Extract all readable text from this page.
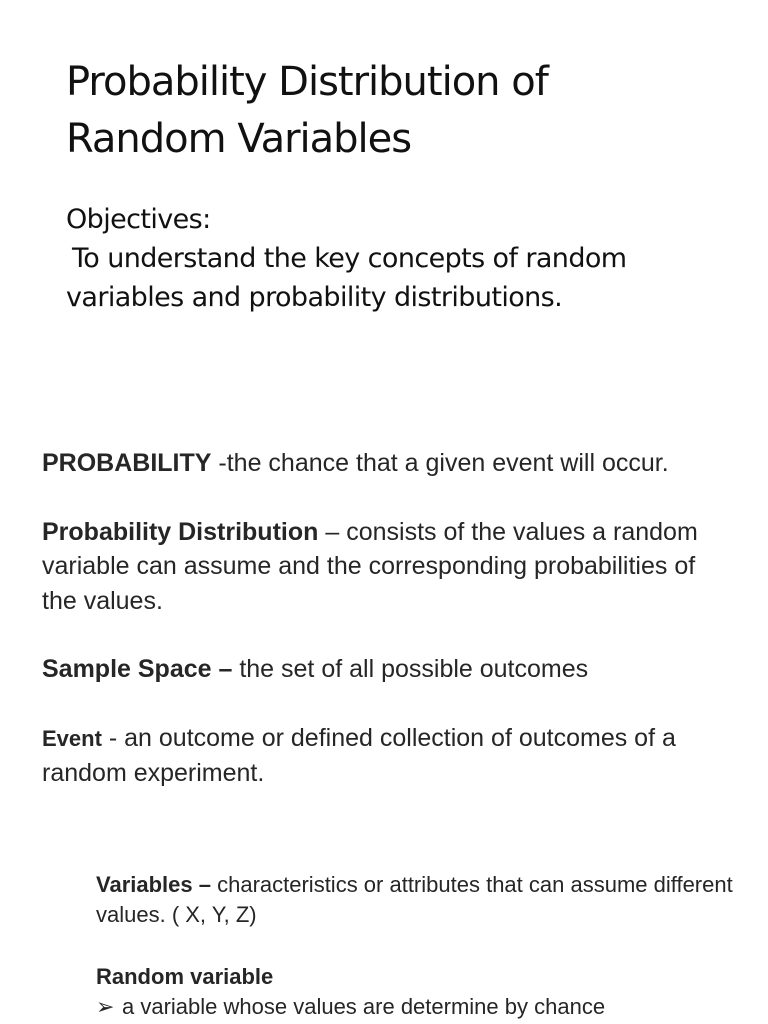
Probability Distribution of
Random Variables
Objectives:
To understand the key concepts of random variables and probability distributions.

PROBABILITY -the chance that a given event will occur.

Probability Distribution – consists of the values a random variable can assume and the corresponding probabilities of the values.

Sample Space – the set of all possible outcomes

Event - an outcome or defined collection of outcomes of a random experiment.

Variables – characteristics or attributes that can assume different values. ( X, Y, Z)

Random variable
➢ a variable whose values are determine by chance
